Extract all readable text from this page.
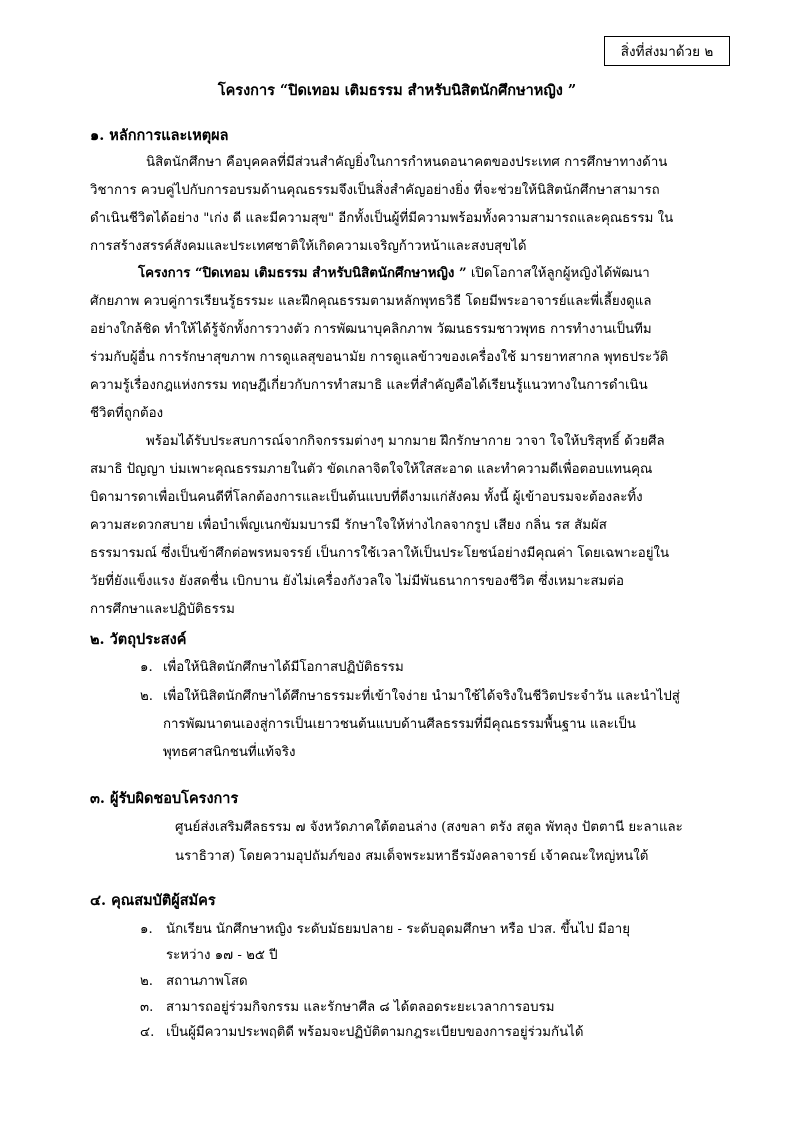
สิ่งที่ส่งมาด้วย ๒
โครงการ “ปิดเทอม เติมธรรม สำหรับนิสิตนักศึกษาหญิง ”
๑. หลักการและเหตุผล
นิสิตนักศึกษา คือบุคคลที่มีส่วนสำคัญยิ่งในการกำหนดอนาคตของประเทศ การศึกษาทางด้าน
วิชาการ ควบคู่ไปกับการอบรมด้านคุณธรรมจึงเป็นสิ่งสำคัญอย่างยิ่ง ที่จะช่วยให้นิสิตนักศึกษาสามารถ
ดำเนินชีวิตได้อย่าง "เก่ง ดี และมีความสุข" อีกทั้งเป็นผู้ที่มีความพร้อมทั้งความสามารถและคุณธรรม ใน
การสร้างสรรค์สังคมและประเทศชาติให้เกิดความเจริญก้าวหน้าและสงบสุขได้
โครงการ “ปิดเทอม เติมธรรม สำหรับนิสิตนักศึกษาหญิง ” เปิดโอกาสให้ลูกผู้หญิงได้พัฒนา
ศักยภาพ ควบคู่การเรียนรู้ธรรมะ และฝึกคุณธรรมตามหลักพุทธวิธี โดยมีพระอาจารย์และพี่เลี้ยงดูแล
อย่างใกล้ชิด ทำให้ได้รู้จักทั้งการวางตัว การพัฒนาบุคลิกภาพ วัฒนธรรมชาวพุทธ การทำงานเป็นทีม
ร่วมกับผู้อื่น การรักษาสุขภาพ การดูแลสุขอนามัย การดูแลข้าวของเครื่องใช้ มารยาทสากล พุทธประวัติ
ความรู้เรื่องกฎแห่งกรรม ทฤษฎีเกี่ยวกับการทำสมาธิ และที่สำคัญคือได้เรียนรู้แนวทางในการดำเนิน
ชีวิตที่ถูกต้อง
พร้อมได้รับประสบการณ์จากกิจกรรมต่างๆ มากมาย ฝึกรักษากาย วาจา ใจให้บริสุทธิ์ ด้วยศีล
สมาธิ ปัญญา บ่มเพาะคุณธรรมภายในตัว ขัดเกลาจิตใจให้ใสสะอาด และทำความดีเพื่อตอบแทนคุณ
บิดามารดาเพื่อเป็นคนดีที่โลกต้องการและเป็นต้นแบบที่ดีงามแก่สังคม ทั้งนี้ ผู้เข้าอบรมจะต้องละทิ้ง
ความสะดวกสบาย เพื่อบำเพ็ญเนกขัมมบารมี รักษาใจให้ห่างไกลจากรูป เสียง กลิ่น รส สัมผัส
ธรรมารมณ์ ซึ่งเป็นข้าศึกต่อพรหมจรรย์ เป็นการใช้เวลาให้เป็นประโยชน์อย่างมีคุณค่า โดยเฉพาะอยู่ใน
วัยที่ยังแข็งแรง ยังสดชื่น เบิกบาน ยังไม่เครื่องกังวลใจ ไม่มีพันธนาการของชีวิต ซึ่งเหมาะสมต่อ
การศึกษาและปฏิบัติธรรม
๒. วัตถุประสงค์
๑. เพื่อให้นิสิตนักศึกษาได้มีโอกาสปฏิบัติธรรม
๒. เพื่อให้นิสิตนักศึกษาได้ศึกษาธรรมะที่เข้าใจง่าย นำมาใช้ได้จริงในชีวิตประจำวัน และนำไปสู่
การพัฒนาตนเองสู่การเป็นเยาวชนต้นแบบด้านศีลธรรมที่มีคุณธรรมพื้นฐาน และเป็น
พุทธศาสนิกชนที่แท้จริง
๓. ผู้รับผิดชอบโครงการ
ศูนย์ส่งเสริมศีลธรรม ๗ จังหวัดภาคใต้ตอนล่าง (สงขลา ตรัง สตูล พัทลุง ปัตตานี ยะลาและ
นราธิวาส) โดยความอุปถัมภ์ของ สมเด็จพระมหาธีรมังคลาจารย์ เจ้าคณะใหญ่หนใต้
๔. คุณสมบัติผู้สมัคร
๑. นักเรียน นักศึกษาหญิง ระดับมัธยมปลาย - ระดับอุดมศึกษา หรือ ปวส. ขึ้นไป มีอายุ
ระหว่าง ๑๗ - ๒๕ ปี
๒. สถานภาพโสด
๓. สามารถอยู่ร่วมกิจกรรม และรักษาศีล ๘ ได้ตลอดระยะเวลาการอบรม
๔. เป็นผู้มีความประพฤติดี พร้อมจะปฏิบัติตามกฎระเบียบของการอยู่ร่วมกันได้
